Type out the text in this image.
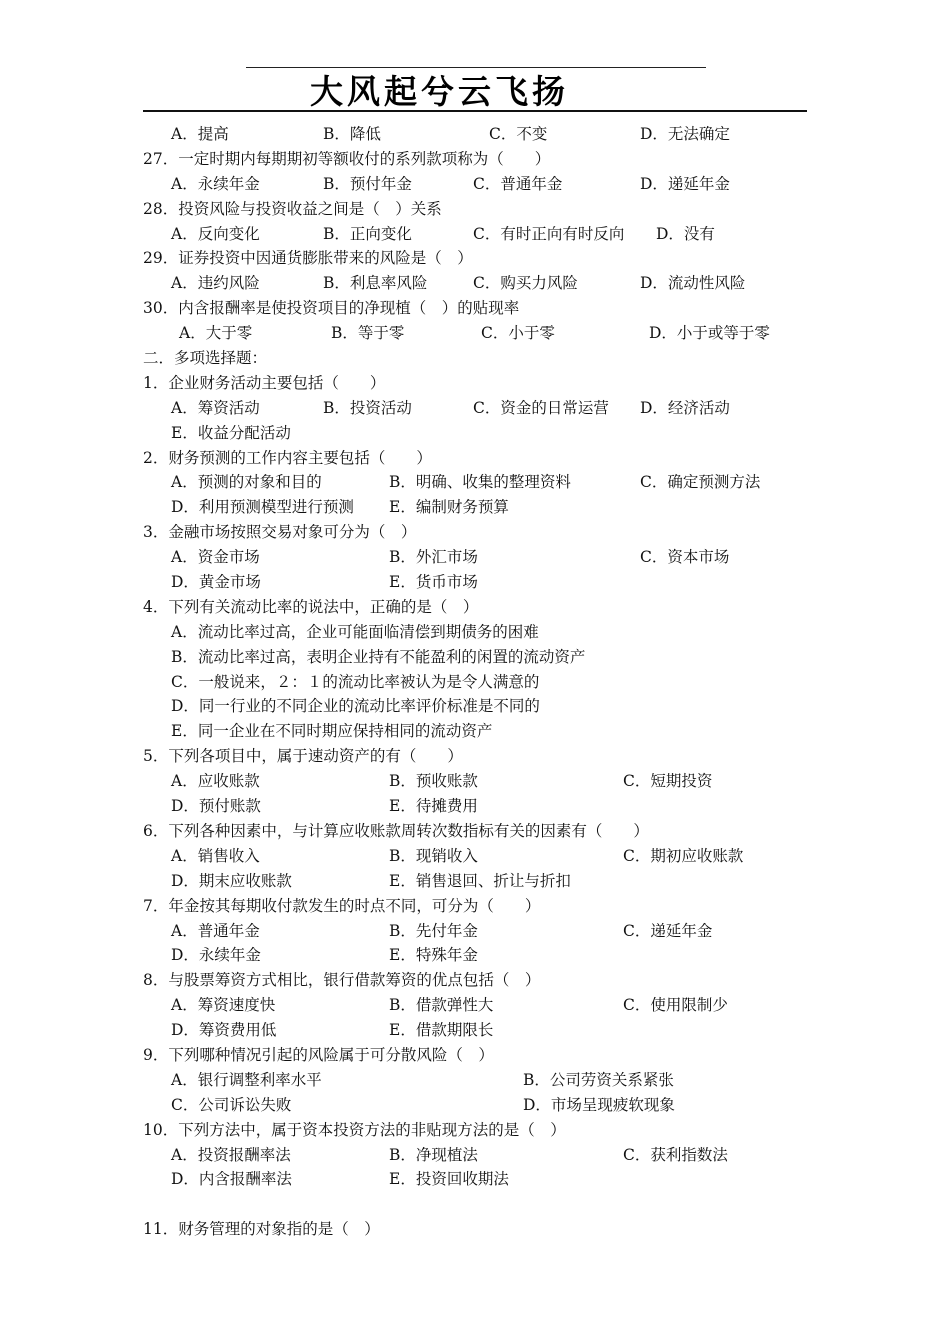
大风起兮云飞扬
A．提高	B．降低	C．不变	D．无法确定
27．一定时期内每期期初等额收付的系列款项称为（　　）
A．永续年金	B．预付年金	C．普通年金	D．递延年金
28．投资风险与投资收益之间是（　）关系
A．反向变化	B．正向变化	C．有时正向有时反向 D．没有
29．证券投资中因通货膨胀带来的风险是（　）
A．违约风险	B．利息率风险	C．购买力风险	D．流动性风险
30．内含报酬率是使投资项目的净现植（　）的贴现率
A．大于零	B．等于零	C．小于零	D．小于或等于零
二．多项选择题：
1．企业财务活动主要包括（　　）
A．筹资活动	B．投资活动	C．资金的日常运营 D．经济活动
E．收益分配活动
2．财务预测的工作内容主要包括（　　）
A．预测的对象和目的	B．明确、收集的整理资料	C．确定预测方法
D．利用预测模型进行预测 E．编制财务预算
3．金融市场按照交易对象可分为（　）
A．资金市场	B．外汇市场	C．资本市场
D．黄金市场	E．货币市场
4．下列有关流动比率的说法中，正确的是（　）
A．流动比率过高，企业可能面临清偿到期债务的困难
B．流动比率过高，表明企业持有不能盈利的闲置的流动资产
C．一般说来，２：１的流动比率被认为是令人满意的
D．同一行业的不同企业的流动比率评价标准是不同的
E．同一企业在不同时期应保持相同的流动资产
5．下列各项目中，属于速动资产的有（　　）
A．应收账款	B．预收账款	C．短期投资
D．预付账款	E．待摊费用
6．下列各种因素中，与计算应收账款周转次数指标有关的因素有（　　）
A．销售收入	B．现销收入	C．期初应收账款
D．期末应收账款	E．销售退回、折让与折扣
7．年金按其每期收付款发生的时点不同，可分为（　　）
A．普通年金	B．先付年金	C．递延年金
D．永续年金	E．特殊年金
8．与股票筹资方式相比，银行借款筹资的优点包括（　）
A．筹资速度快	B．借款弹性大	C．使用限制少
D．筹资费用低	E．借款期限长
9．下列哪种情况引起的风险属于可分散风险（　）
A．银行调整利率水平	B．公司劳资关系紧张
C．公司诉讼失败	D．市场呈现疲软现象
10．下列方法中，属于资本投资方法的非贴现方法的是（　）
A．投资报酬率法	B．净现植法	C．获利指数法
D．内含报酬率法	E．投资回收期法
11．财务管理的对象指的是（　）
